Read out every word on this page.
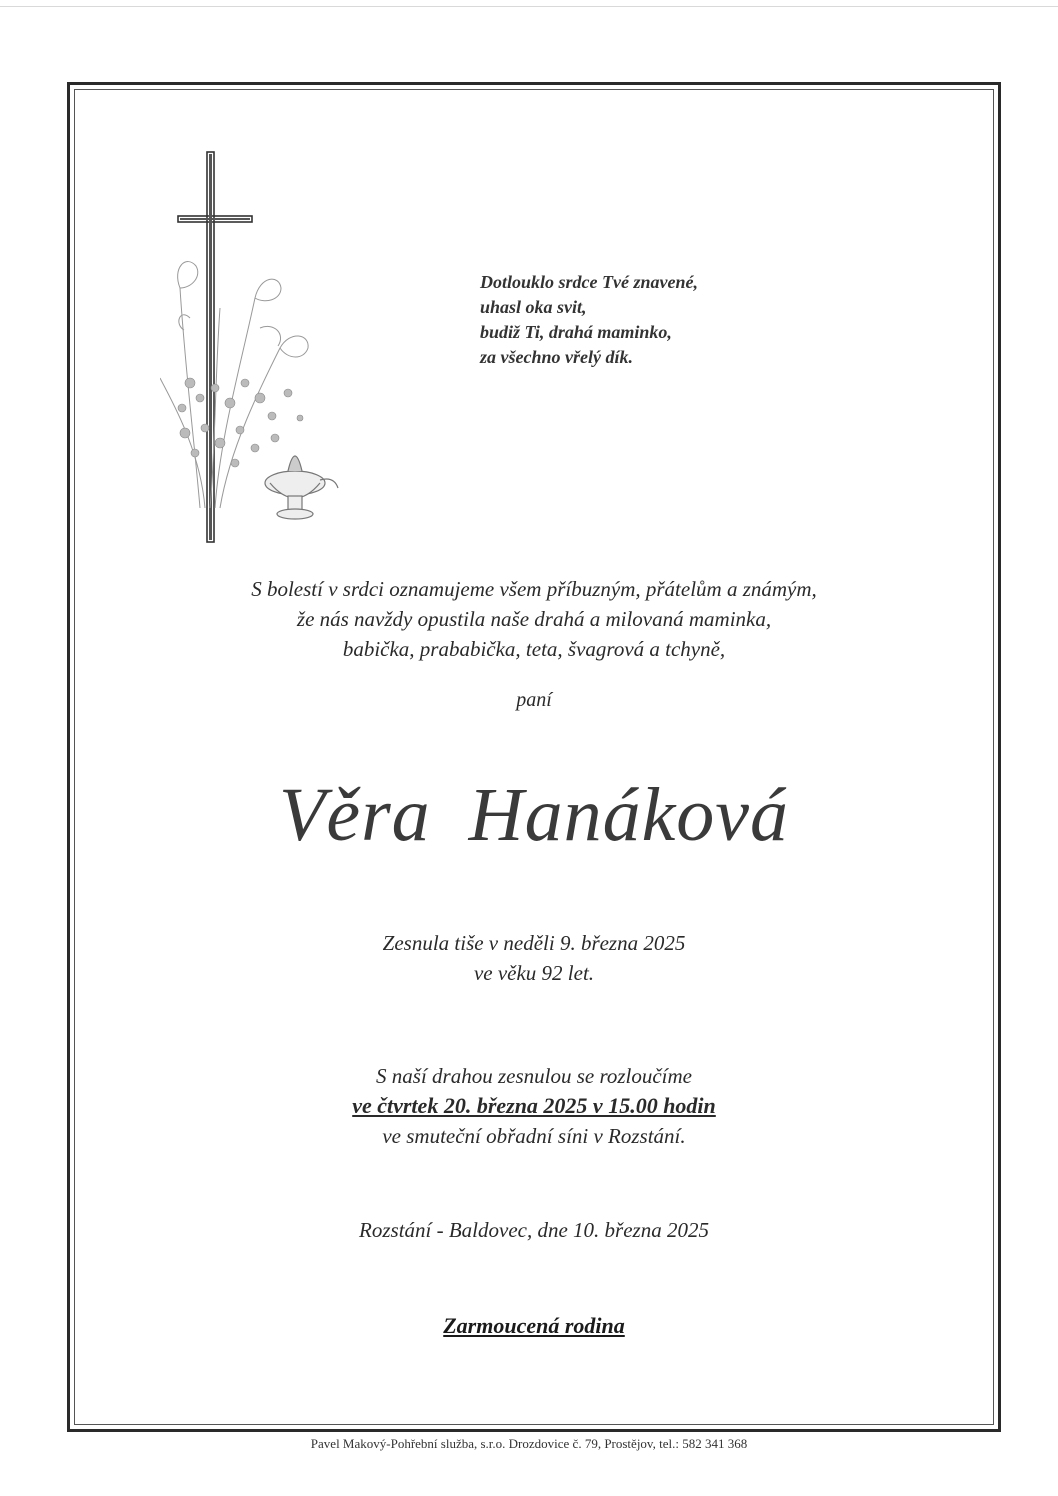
Dotlouklo srdce Tvé znavené,
uhasl oka svit,
budiž Ti, drahá maminko,
za všechno vřelý dík.
S bolestí v srdci oznamujeme všem příbuzným, přátelům a známým,
že nás navždy opustila naše drahá a milovaná maminka,
babička, prababička, teta, švagrová a tchyně,
paní
Věra Hanáková
Zesnula tiše v neděli 9. března 2025
ve věku 92 let.
S naší drahou zesnulou se rozloučíme
ve čtvrtek 20. března 2025 v 15.00 hodin
ve smuteční obřadní síni v Rozstání.
Rozstání - Baldovec, dne 10. března 2025
Zarmoucená rodina
Pavel Makový-Pohřební služba, s.r.o. Drozdovice č. 79, Prostějov, tel.: 582 341 368
